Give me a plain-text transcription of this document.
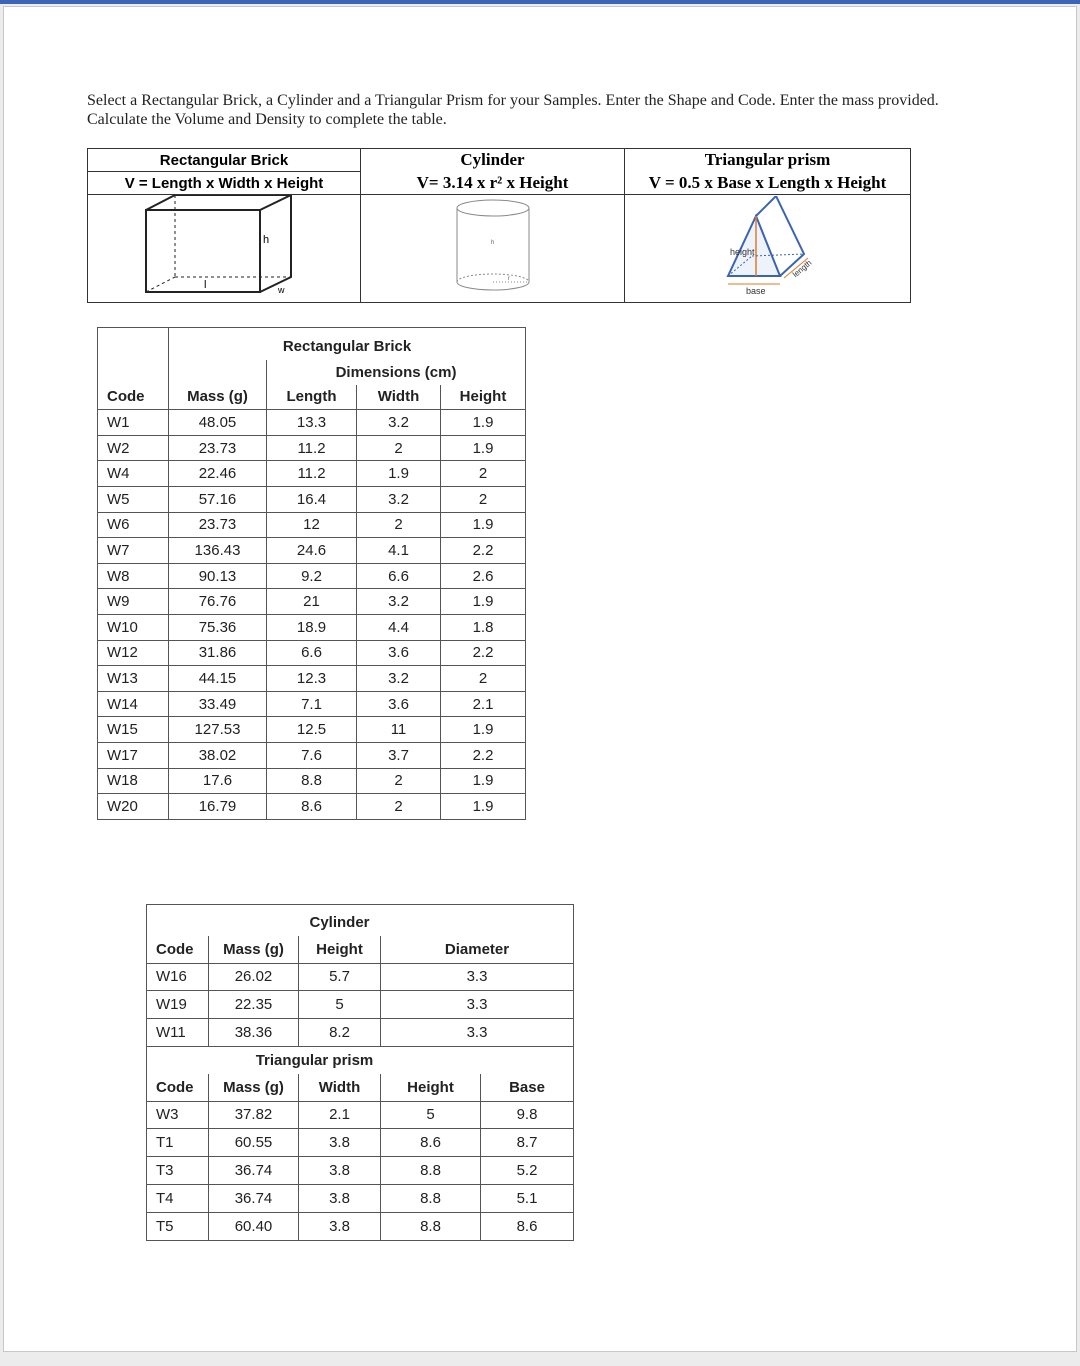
Select a Rectangular Brick, a Cylinder and a Triangular Prism for your Samples. Enter the Shape and Code. Enter the mass provided. Calculate the Volume and Density to complete the table.
Rectangular Brick	Cylinder	Triangular prism
V = Length x Width x Height	V= 3.14 x r² x Height	V = 0.5 x Base x Length x Height

h
l w	h
r	height
base
length
	Rectangular Brick			
		Dimensions (cm)		
Code	Mass (g)	Length	Width	Height
W1	48.05	13.3	3.2	1.9
W2	23.73	11.2	2	1.9
W4	22.46	11.2	1.9	2
W5	57.16	16.4	3.2	2
W6	23.73	12	2	1.9
W7	136.43	24.6	4.1	2.2
W8	90.13	9.2	6.6	2.6
W9	76.76	21	3.2	1.9
W10	75.36	18.9	4.4	1.8
W12	31.86	6.6	3.6	2.2
W13	44.15	12.3	3.2	2
W14	33.49	7.1	3.6	2.1
W15	127.53	12.5	11	1.9
W17	38.02	7.6	3.7	2.2
W18	17.6	8.8	2	1.9
W20	16.79	8.6	2	1.9
		Cylinder		
Code	Mass (g)	Height	Diameter	
W16	26.02	5.7	3.3	
W19	22.35	5	3.3	
W11	38.36	8.2	3.3	
	Triangular prism			
Code	Mass (g)	Width	Height	Base
W3	37.82	2.1	5	9.8
T1	60.55	3.8	8.6	8.7
T3	36.74	3.8	8.8	5.2
T4	36.74	3.8	8.8	5.1
T5	60.40	3.8	8.8	8.6
